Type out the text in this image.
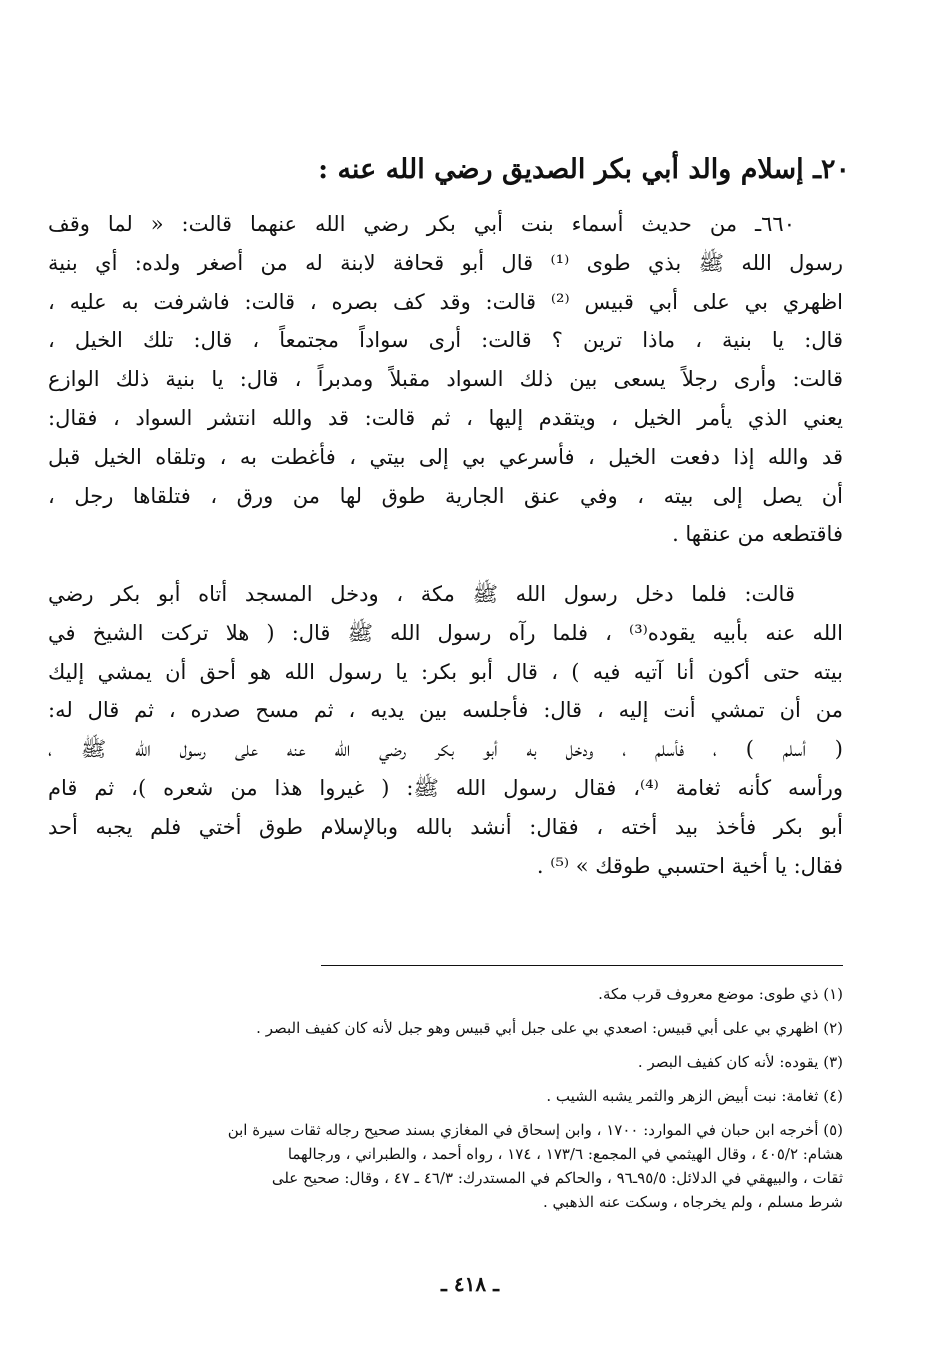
٢٠ـ إسلام والد أبي بكر الصديق رضي الله عنه :
٦٦٠ـ من حديث أسماء بنت أبي بكر رضي الله عنهما قالت: « لما وقف
رسول الله ﷺ بذي طوى ⁽¹⁾ قال أبو قحافة لابنة له من أصغر ولده: أي بنية
اظهري بي على أبي قبيس ⁽²⁾ قالت: وقد كف بصره ، قالت: فاشرفت به عليه ،
قال: يا بنية ، ماذا ترين ؟ قالت: أرى سواداً مجتمعاً ، قال: تلك الخيل ،
قالت: وأرى رجلاً يسعى بين ذلك السواد مقبلاً ومدبراً ، قال: يا بنية ذلك الوازع
يعني الذي يأمر الخيل ، ويتقدم إليها ، ثم قالت: قد والله انتشر السواد ، فقال:
قد والله إذا دفعت الخيل ، فأسرعي بي إلى بيتي ، فأغطت به ، وتلقاه الخيل قبل
أن يصل إلى بيته ، وفي عنق الجارية طوق لها من ورق ، فتلقاها رجل ،
فاقتطعه من عنقها .
قالت: فلما دخل رسول الله ﷺ مكة ، ودخل المسجد أتاه أبو بكر رضي
الله عنه بأبيه يقوده⁽³⁾ ، فلما رآه رسول الله ﷺ قال: ( هلا تركت الشيخ في
بيته حتى أكون أنا آتيه فيه ) ، قال أبو بكر: يا رسول الله هو أحق أن يمشي إليك
من أن تمشي أنت إليه ، قال: فأجلسه بين يديه ، ثم مسح صدره ، ثم قال له:
( أسلم ) ، فأسلم ، ودخل به أبو بكر رضي الله عنه على رسول الله ﷺ ،
ورأسه كأنه ثغامة ⁽⁴⁾، فقال رسول الله ﷺ: ( غيروا هذا من شعره )، ثم قام
أبو بكر فأخذ بيد أخته ، فقال: أنشد بالله وبالإسلام طوق أختي فلم يجبه أحد
فقال: يا أخية احتسبي طوقك » ⁽⁵⁾ .
(١) ذي طوى: موضع معروف قرب مكة.
(٢) اظهري بي على أبي قبيس: اصعدي بي على جبل أبي قبيس وهو جبل لأنه كان كفيف البصر .
(٣) يقوده: لأنه كان كفيف البصر .
(٤) ثغامة: نبت أبيض الزهر والثمر يشبه الشيب .
(٥) أخرجه ابن حبان في الموارد: ١٧٠٠ ، وابن إسحاق في المغازي بسند صحيح رجاله ثقات سيرة ابن
هشام: ٤٠٥/٢ ، وقال الهيثمي في المجمع: ١٧٣/٦ ، ١٧٤ ، رواه أحمد ، والطبراني ، ورجالهما
ثقات ، والبيهقي في الدلائل: ٩٥/٥ـ٩٦ ، والحاكم في المستدرك: ٤٦/٣ ـ ٤٧ ، وقال: صحيح على
شرط مسلم ، ولم يخرجاه ، وسكت عنه الذهبي .
ـ ٤١٨ ـ
